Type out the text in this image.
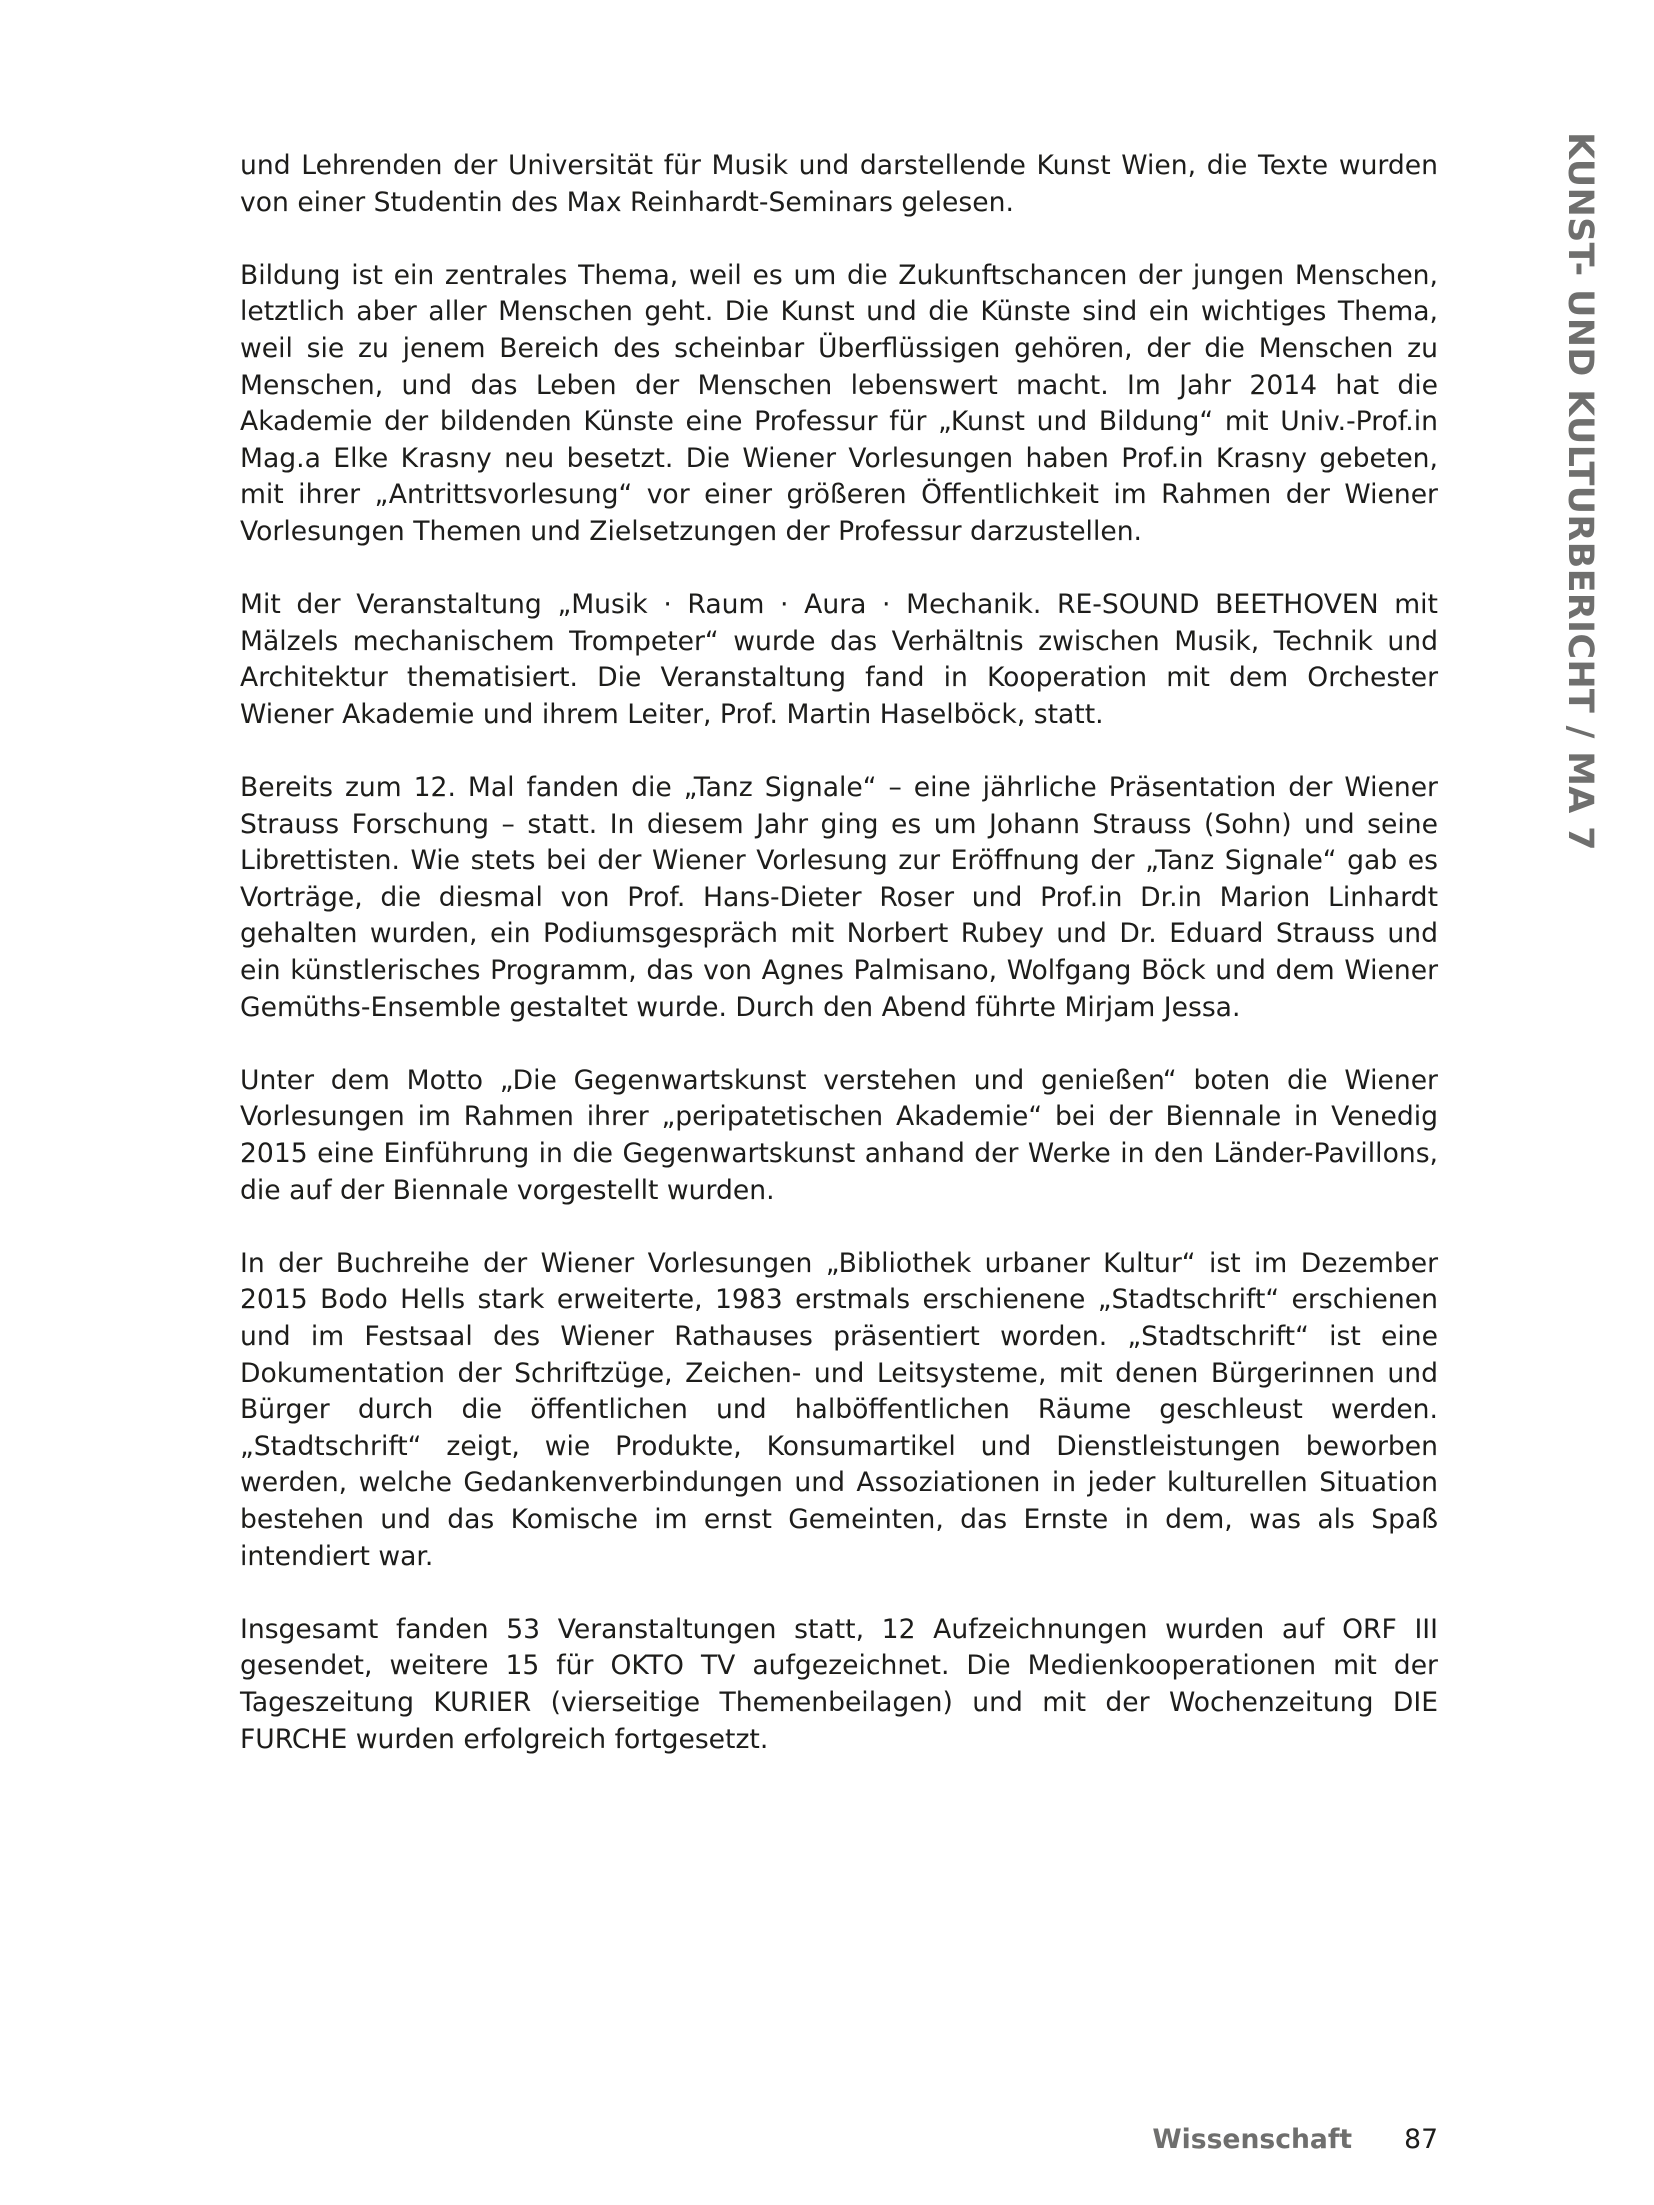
KUNST- UND KULTURBERICHT / MA 7

und Lehrenden der Universität für Musik und darstellende Kunst Wien, die Texte wurden von einer Studentin des Max Reinhardt-Seminars gelesen.

Bildung ist ein zentrales Thema, weil es um die Zukunftschancen der jungen Menschen, letztlich aber aller Menschen geht. Die Kunst und die Künste sind ein wichtiges Thema, weil sie zu jenem Bereich des scheinbar Überflüssigen gehören, der die Menschen zu Menschen, und das Leben der Menschen lebenswert macht. Im Jahr 2014 hat die Akademie der bildenden Künste eine Professur für „Kunst und Bildung“ mit Univ.-Prof.in Mag.a Elke Krasny neu besetzt. Die Wiener Vorlesungen haben Prof.in Krasny gebeten, mit ihrer „Antrittsvorlesung“ vor einer größeren Öffentlichkeit im Rahmen der Wiener Vorlesungen Themen und Zielsetzungen der Professur darzustellen.

Mit der Veranstaltung „Musik · Raum · Aura · Mechanik. RE-SOUND BEETHOVEN mit Mälzels mechanischem Trompeter“ wurde das Verhältnis zwischen Musik, Technik und Architektur thematisiert. Die Veranstaltung fand in Kooperation mit dem Orchester Wiener Akademie und ihrem Leiter, Prof. Martin Haselböck, statt.

Bereits zum 12. Mal fanden die „Tanz Signale“ – eine jährliche Präsentation der Wiener Strauss Forschung – statt. In diesem Jahr ging es um Johann Strauss (Sohn) und seine Librettisten. Wie stets bei der Wiener Vorlesung zur Eröffnung der „Tanz Signale“ gab es Vorträge, die diesmal von Prof. Hans-Dieter Roser und Prof.in Dr.in Marion Linhardt gehalten wurden, ein Podiumsgespräch mit Norbert Rubey und Dr. Eduard Strauss und ein künstlerisches Programm, das von Agnes Palmisano, Wolfgang Böck und dem Wiener Gemüths-Ensemble gestaltet wurde. Durch den Abend führte Mirjam Jessa.

Unter dem Motto „Die Gegenwartskunst verstehen und genießen“ boten die Wiener Vorlesungen im Rahmen ihrer „peripatetischen Akademie“ bei der Biennale in Venedig 2015 eine Einführung in die Gegenwartskunst anhand der Werke in den Länder-Pavillons, die auf der Biennale vorgestellt wurden.

In der Buchreihe der Wiener Vorlesungen „Bibliothek urbaner Kultur“ ist im Dezember 2015 Bodo Hells stark erweiterte, 1983 erstmals erschienene „Stadtschrift“ erschienen und im Festsaal des Wiener Rathauses präsentiert worden. „Stadtschrift“ ist eine Dokumentation der Schriftzüge, Zeichen- und Leitsysteme, mit denen Bürgerinnen und Bürger durch die öffentlichen und halböffentlichen Räume geschleust werden. „Stadtschrift“ zeigt, wie Produkte, Konsumartikel und Dienstleistungen beworben werden, welche Gedankenverbindungen und Assoziationen in jeder kulturellen Situation bestehen und das Komische im ernst Gemeinten, das Ernste in dem, was als Spaß intendiert war.

Insgesamt fanden 53 Veranstaltungen statt, 12 Aufzeichnungen wurden auf ORF III gesendet, weitere 15 für OKTO TV aufgezeichnet. Die Medienkooperationen mit der Tageszeitung KURIER (vierseitige Themenbeilagen) und mit der Wochenzeitung DIE FURCHE wurden erfolgreich fortgesetzt.

Wissenschaft 87
